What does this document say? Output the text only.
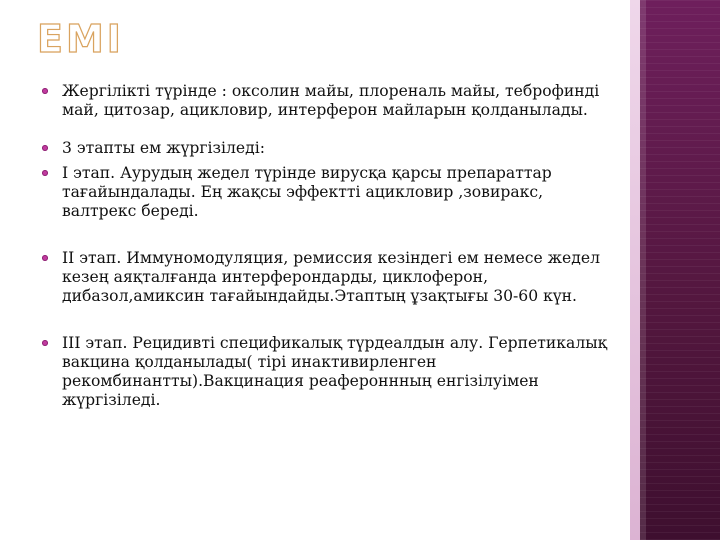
ЕМІ
Жергілікті түрінде : оксолин майы, плореналь майы, теброфинді май, цитозар, ацикловир, интерферон майларын қолданылады.
3 этапты ем жүргізіледі:
І этап. Аурудың жедел түрінде вирусқа қарсы препараттар тағайындалады. Ең жақсы эффектті ацикловир ,зовиракс, валтрекс береді.
ІІ этап. Иммуномодуляция, ремиссия кезіндегі ем немесе жедел кезең аяқталғанда интерферондарды, циклоферон, дибазол,амиксин тағайындайды.Этаптың ұзақтығы 30-60 күн.
ІІІ этап. Рецидивті спецификалық түрдеалдын алу. Герпетикалық вакцина қолданылады( тірі инактивирленген рекомбинантты).Вакцинация реафероннның енгізілуімен жүргізіледі.
